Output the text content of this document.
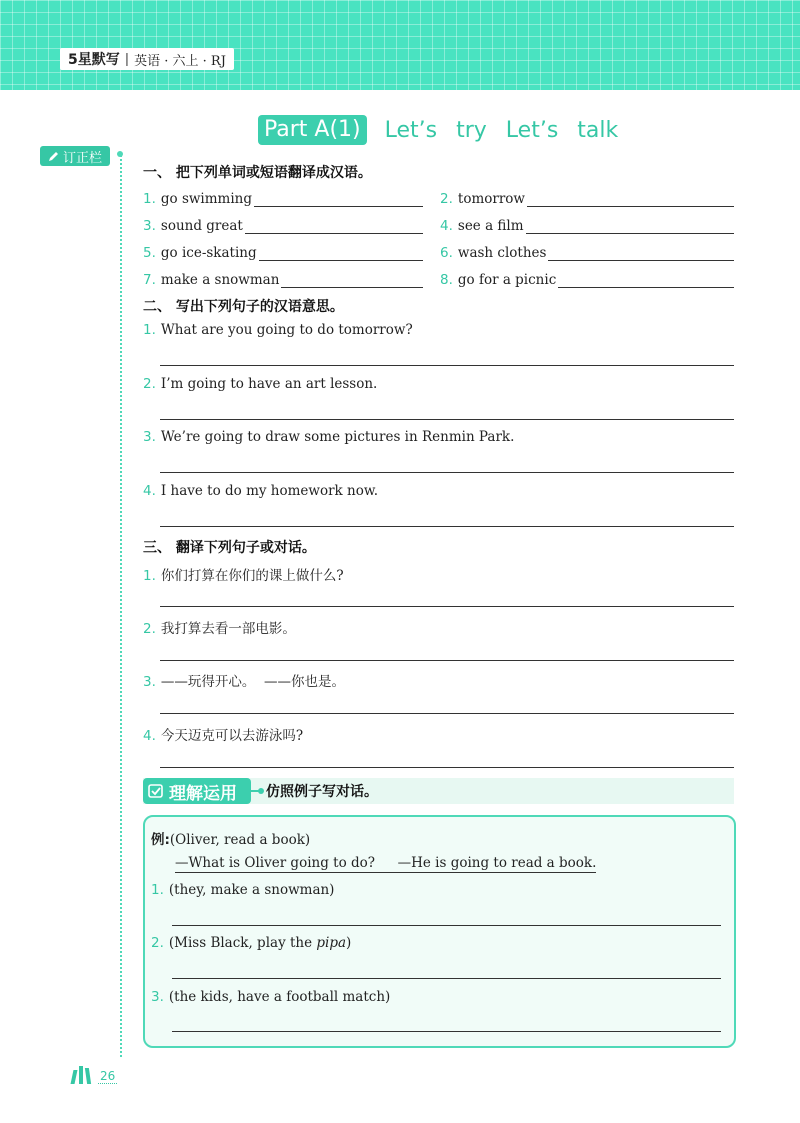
5星默写 | 英语 · 六上 · RJ
Part A(1) Let’s try Let’s talk
订正栏
一、 把下列单词或短语翻译成汉语。
1. go swimming	2. tomorrow
3. sound great	4. see a film
5. go ice-skating	6. wash clothes
7. make a snowman	8. go for a picnic
二、 写出下列句子的汉语意思。
1. What are you going to do tomorrow?
2. I’m going to have an art lesson.
3. We’re going to draw some pictures in Renmin Park.
4. I have to do my homework now.
三、 翻译下列句子或对话。
1. 你们打算在你们的课上做什么?
2. 我打算去看一部电影。
3. ——玩得开心。  ——你也是。
4. 今天迈克可以去游泳吗?
理解运用 仿照例子写对话。
例:(Oliver, read a book)
—What is Oliver going to do? —He is going to read a book.
1. (they, make a snowman)
2. (Miss Black, play the pipa)
3. (the kids, have a football match)
26
